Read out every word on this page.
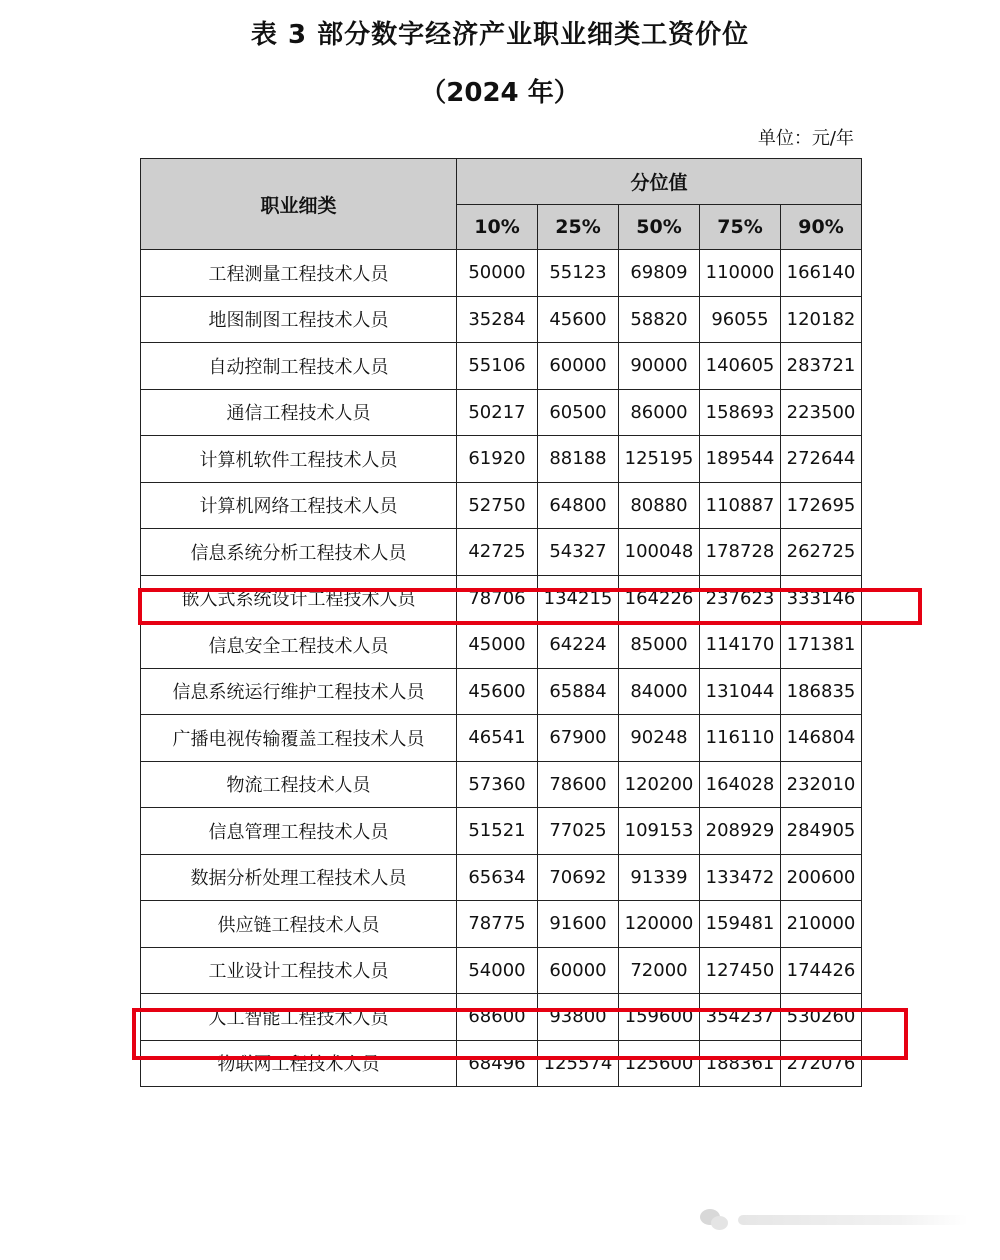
表 3 部分数字经济产业职业细类工资价位
（2024 年）
单位：元/年
职业细类	分位值				
	10%	25%	50%	75%	90%
工程测量工程技术人员	50000	55123	69809	110000	166140
地图制图工程技术人员	35284	45600	58820	96055	120182
自动控制工程技术人员	55106	60000	90000	140605	283721
通信工程技术人员	50217	60500	86000	158693	223500
计算机软件工程技术人员	61920	88188	125195	189544	272644
计算机网络工程技术人员	52750	64800	80880	110887	172695
信息系统分析工程技术人员	42725	54327	100048	178728	262725
嵌入式系统设计工程技术人员	78706	134215	164226	237623	333146
信息安全工程技术人员	45000	64224	85000	114170	171381
信息系统运行维护工程技术人员	45600	65884	84000	131044	186835
广播电视传输覆盖工程技术人员	46541	67900	90248	116110	146804
物流工程技术人员	57360	78600	120200	164028	232010
信息管理工程技术人员	51521	77025	109153	208929	284905
数据分析处理工程技术人员	65634	70692	91339	133472	200600
供应链工程技术人员	78775	91600	120000	159481	210000
工业设计工程技术人员	54000	60000	72000	127450	174426
人工智能工程技术人员	68600	93800	159600	354237	530260
物联网工程技术人员	68496	125574	125600	188361	272076
